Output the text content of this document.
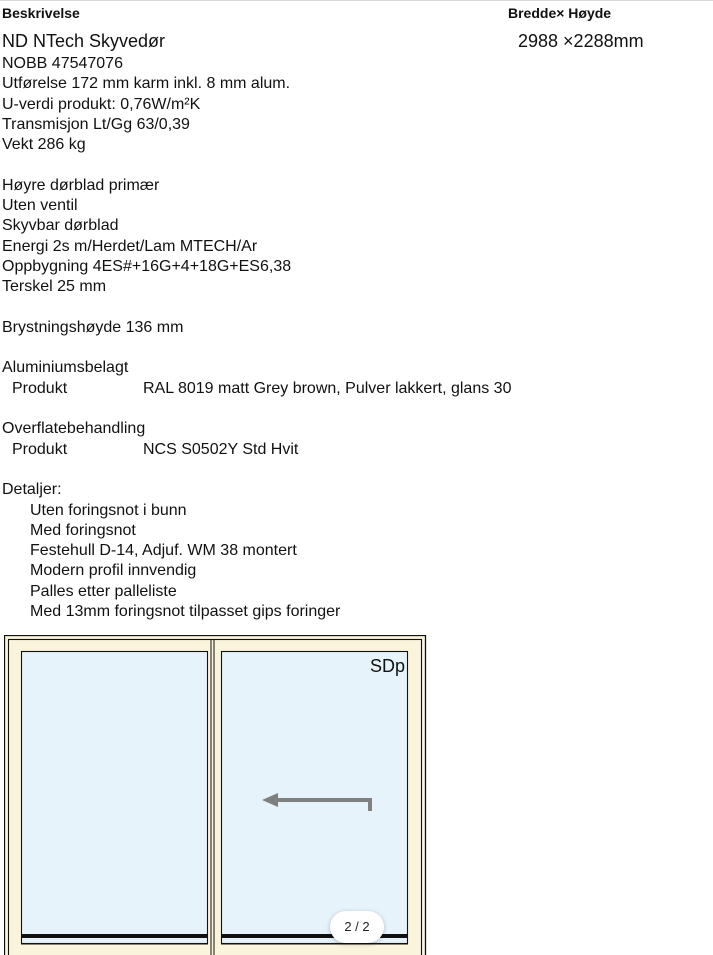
Beskrivelse	Bredde× Høyde
ND NTech Skyvedør	2988 ×2288mm
NOBB 47547076
Utførelse 172 mm karm inkl. 8 mm alum.
U-verdi produkt: 0,76W/m²K
Transmisjon Lt/Gg 63/0,39
Vekt 286 kg
Høyre dørblad primær
Uten ventil
Skyvbar dørblad
Energi 2s m/Herdet/Lam MTECH/Ar
Oppbygning 4ES#+16G+4+18G+ES6,38
Terskel 25 mm
Brystningshøyde 136 mm
Aluminiumsbelagt
Produkt	RAL 8019 matt Grey brown, Pulver lakkert, glans 30
Overflatebehandling
Produkt	NCS S0502Y Std Hvit
Detaljer:
Uten foringsnot i bunn
Med foringsnot
Festehull D-14, Adjuf. WM 38 montert
Modern profil innvendig
Palles etter palleliste
Med 13mm foringsnot tilpasset gips foringer
SDp
2 / 2
